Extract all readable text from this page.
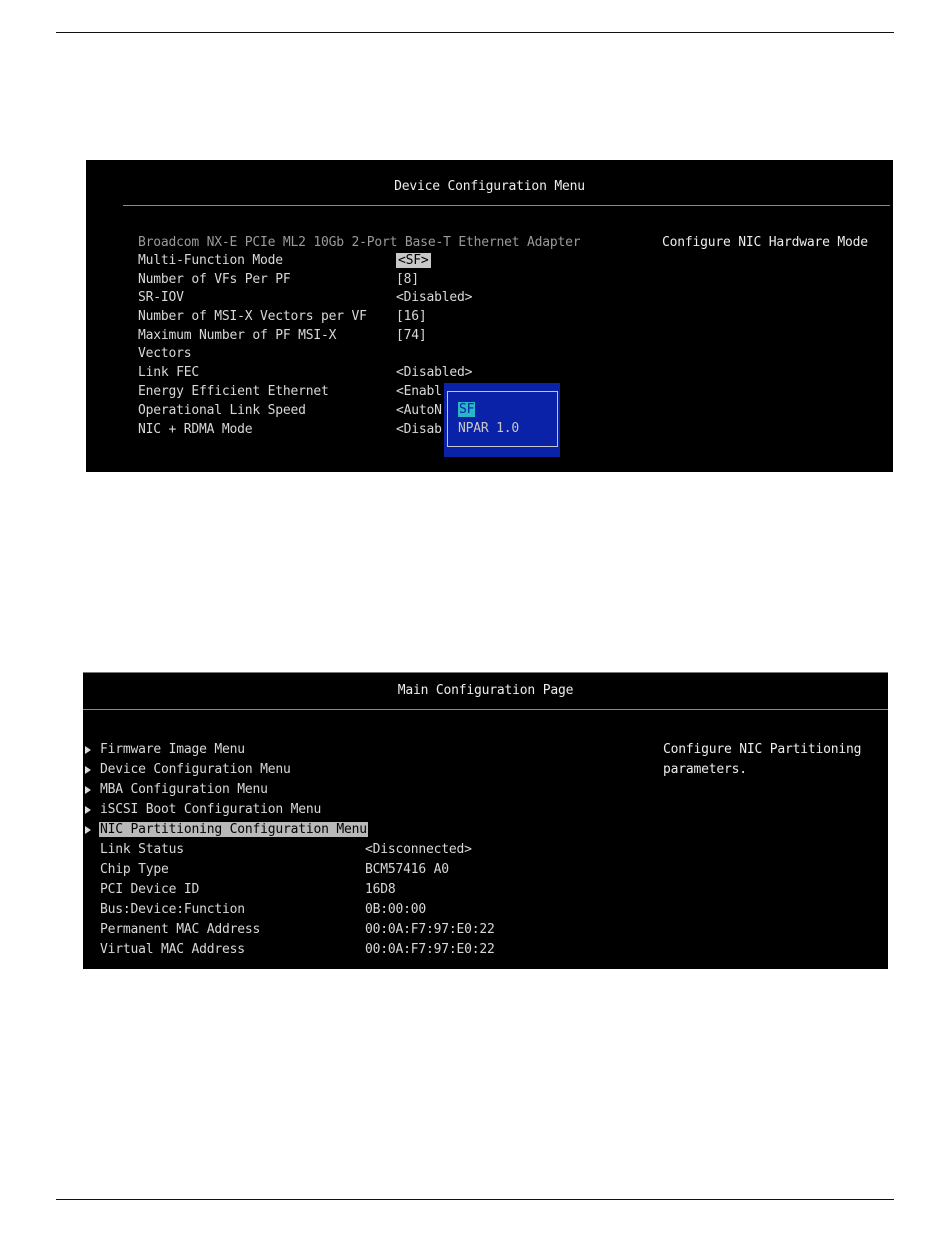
Device Configuration Menu
Broadcom NX-E PCIe ML2 10Gb 2-Port Base-T Ethernet Adapter	Configure NIC Hardware Mode
Multi-Function Mode	<SF>
Number of VFs Per PF	[8]
SR-IOV	<Disabled>
Number of MSI-X Vectors per VF [16]
Maximum Number of PF MSI-X	[74]
Vectors
Link FEC	<Disabled>
Energy Efficient Ethernet	<Enabl
Operational Link Speed	<AutoN
NIC + RDMA Mode	<Disab
SF
NPAR 1.0
Main Configuration Page
Configure NIC Partitioning
parameters.
Firmware Image Menu
Device Configuration Menu
MBA Configuration Menu
iSCSI Boot Configuration Menu
NIC Partitioning Configuration Menu
Link Status	<Disconnected>
Chip Type	BCM57416 A0
PCI Device ID	16D8
Bus:Device:Function	0B:00:00
Permanent MAC Address	00:0A:F7:97:E0:22
Virtual MAC Address	00:0A:F7:97:E0:22
